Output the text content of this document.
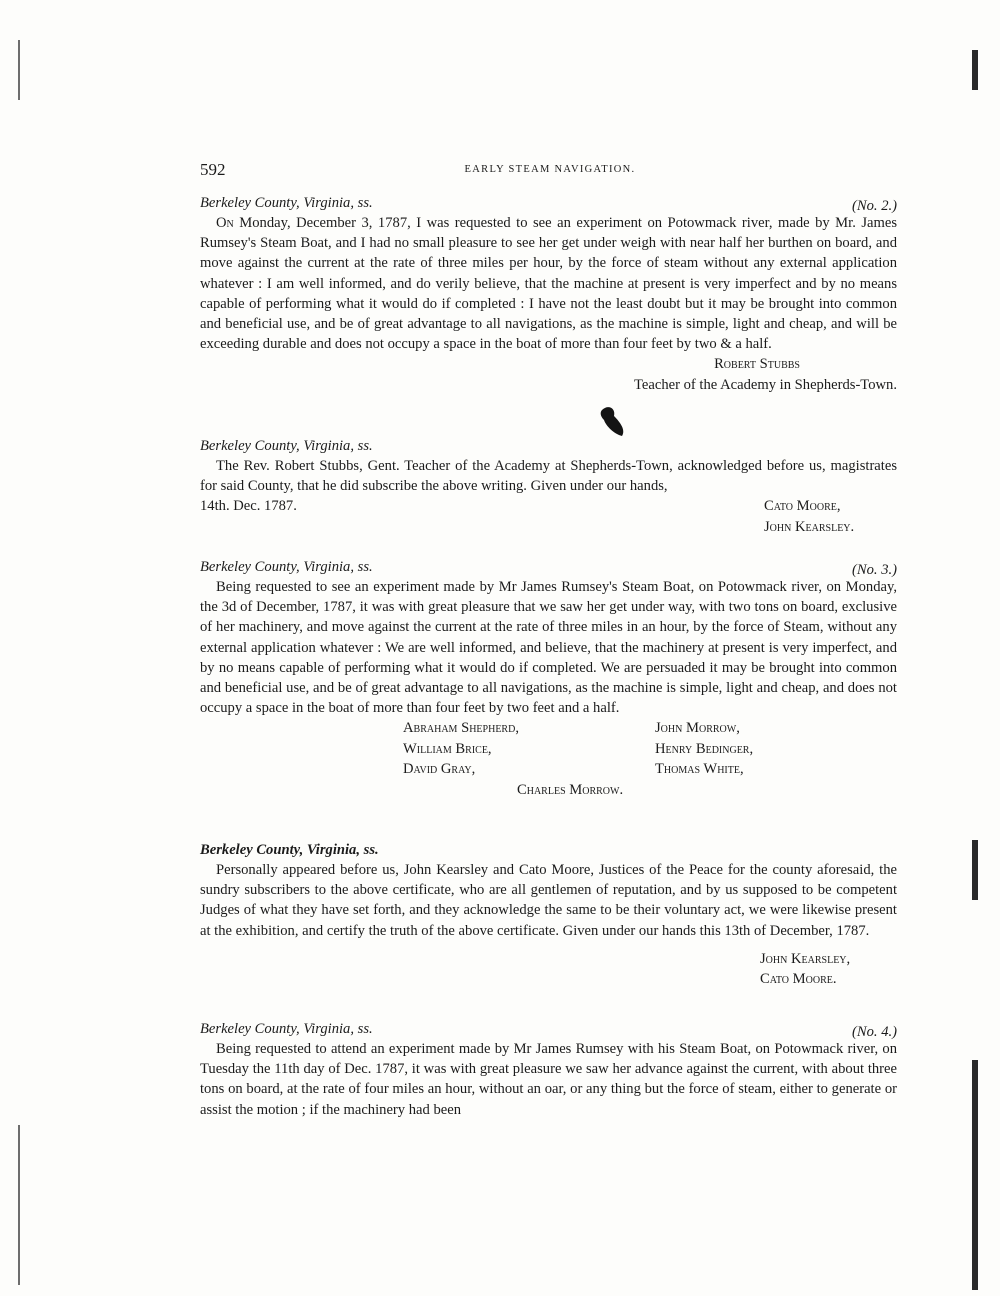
592	EARLY STEAM NAVIGATION.
Berkeley County, Virginia, ss.	(No. 2.)

On Monday, December 3, 1787, I was requested to see an experiment on Potowmack river, made by Mr. James Rumsey's Steam Boat, and I had no small pleasure to see her get under weigh with near half her burthen on board, and move against the current at the rate of three miles per hour, by the force of steam without any external application whatever : I am well informed, and do verily believe, that the machine at present is very imperfect and by no means capable of performing what it would do if completed : I have not the least doubt but it may be brought into common and beneficial use, and be of great advantage to all navigations, as the machine is simple, light and cheap, and will be exceeding durable and does not occupy a space in the boat of more than four feet by two & a half.

Robert Stubbs
Teacher of the Academy in Shepherds-Town.
Berkeley County, Virginia, ss.

The Rev. Robert Stubbs, Gent. Teacher of the Academy at Shepherds-Town, acknowledged before us, magistrates for said County, that he did subscribe the above writing. Given under our hands,

14th. Dec. 1787.	Cato Moore,
John Kearsley.
Berkeley County, Virginia, ss.	(No. 3.)

Being requested to see an experiment made by Mr James Rumsey's Steam Boat, on Potowmack river, on Monday, the 3d of December, 1787, it was with great pleasure that we saw her get under way, with two tons on board, exclusive of her machinery, and move against the current at the rate of three miles in an hour, by the force of Steam, without any external application whatever : We are well informed, and believe, that the machinery at present is very imperfect, and by no means capable of performing what it would do if completed. We are persuaded it may be brought into common and beneficial use, and be of great advantage to all navigations, as the machine is simple, light and cheap, and does not occupy a space in the boat of more than four feet by two feet and a half.

Abraham Shepherd,	John Morrow,
William Brice,	Henry Bedinger,
David Gray,	Thomas White,
Charles Morrow.
Berkeley County, Virginia, ss.

Personally appeared before us, John Kearsley and Cato Moore, Justices of the Peace for the county aforesaid, the sundry subscribers to the above certificate, who are all gentlemen of reputation, and by us supposed to be competent Judges of what they have set forth, and they acknowledge the same to be their voluntary act, we were likewise present at the exhibition, and certify the truth of the above certificate. Given under our hands this 13th of December, 1787.

John Kearsley,
Cato Moore.
Berkeley County, Virginia, ss.	(No. 4.)

Being requested to attend an experiment made by Mr James Rumsey with his Steam Boat, on Potowmack river, on Tuesday the 11th day of Dec. 1787, it was with great pleasure we saw her advance against the current, with about three tons on board, at the rate of four miles an hour, without an oar, or any thing but the force of steam, either to generate or assist the motion ; if the machinery had been
